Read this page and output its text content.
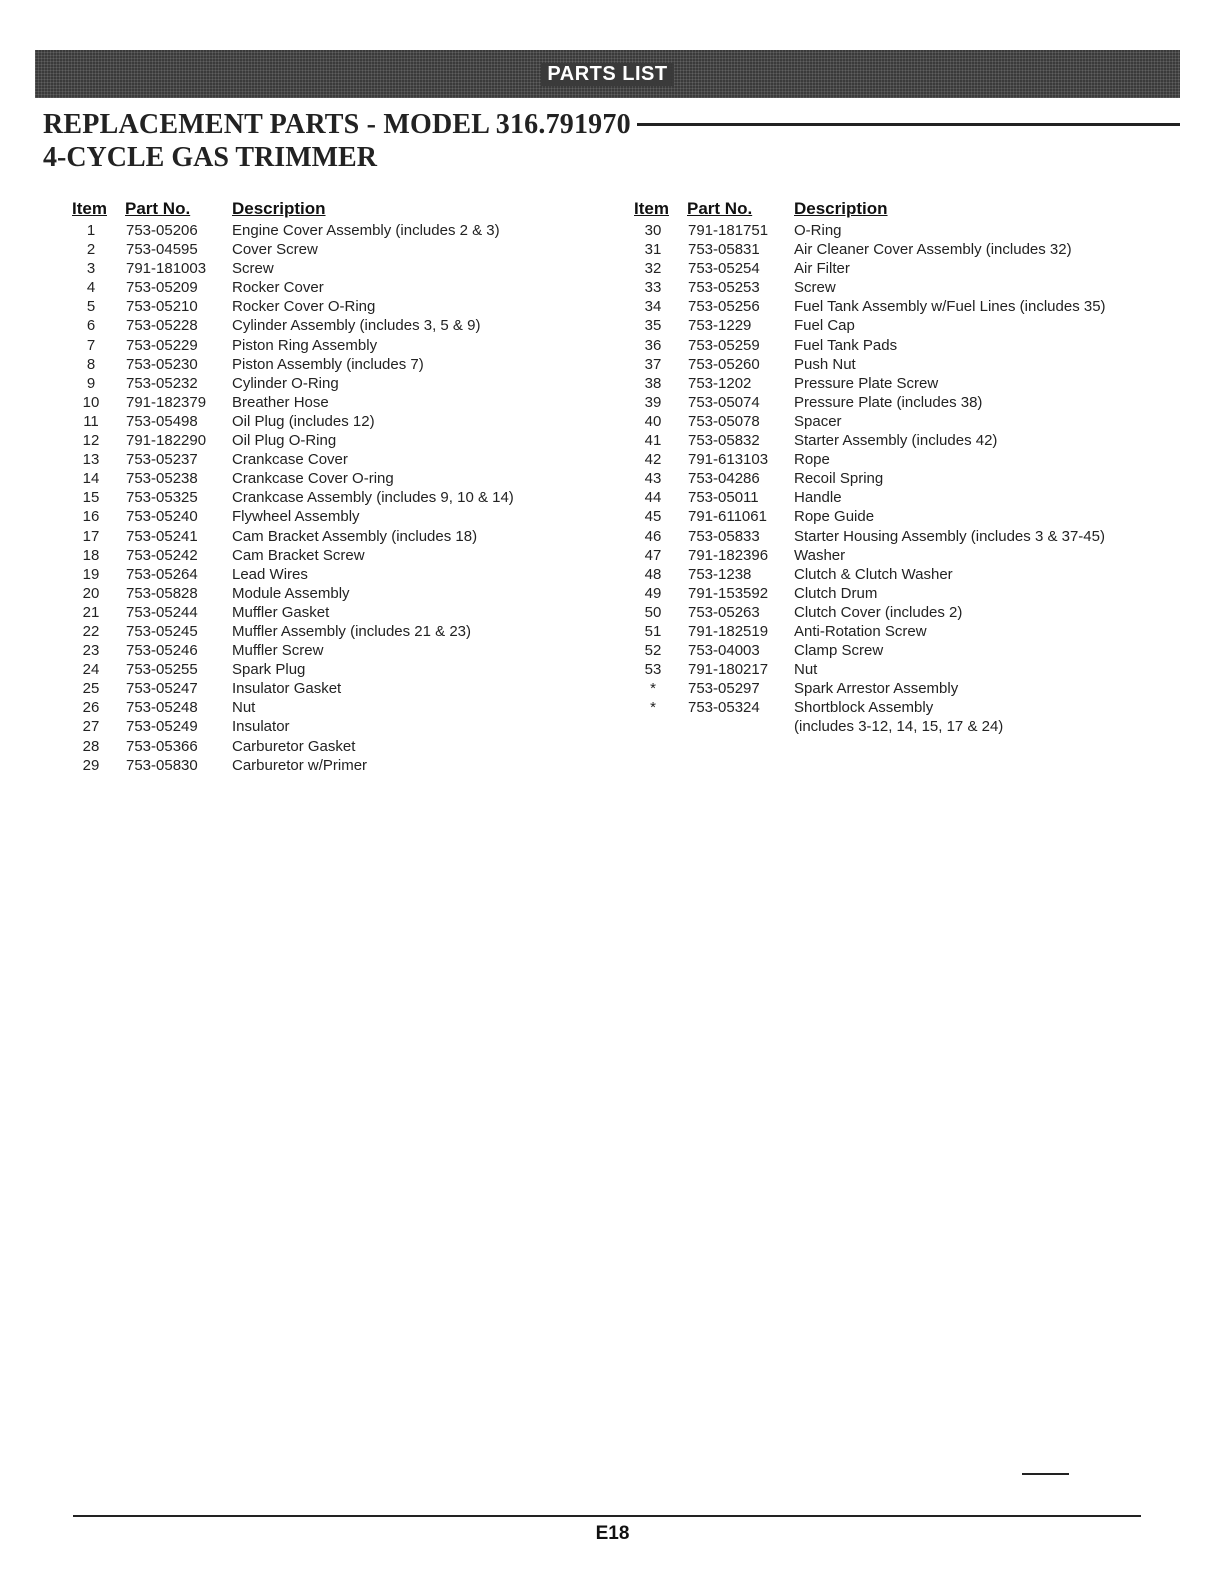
PARTS LIST
REPLACEMENT PARTS - MODEL 316.791970
4-CYCLE GAS TRIMMER
Item Part No. Description
1	753-05206 Engine Cover Assembly (includes 2 & 3)
2	753-04595 Cover Screw
3	791-181003 Screw
4	753-05209 Rocker Cover
5	753-05210 Rocker Cover O-Ring
6	753-05228 Cylinder Assembly (includes 3, 5 & 9)
7	753-05229 Piston Ring Assembly
8	753-05230 Piston Assembly (includes 7)
9	753-05232 Cylinder O-Ring
10	791-182379 Breather Hose
11	753-05498 Oil Plug (includes 12)
12	791-182290 Oil Plug O-Ring
13	753-05237 Crankcase Cover
14	753-05238 Crankcase Cover O-ring
15	753-05325 Crankcase Assembly (includes 9, 10 & 14)
16	753-05240 Flywheel Assembly
17	753-05241 Cam Bracket Assembly (includes 18)
18	753-05242 Cam Bracket Screw
19	753-05264 Lead Wires
20	753-05828 Module Assembly
21	753-05244 Muffler Gasket
22	753-05245 Muffler Assembly (includes 21 & 23)
23	753-05246 Muffler Screw
24	753-05255 Spark Plug
25	753-05247 Insulator Gasket
26	753-05248 Nut
27	753-05249 Insulator
28	753-05366 Carburetor Gasket
29	753-05830 Carburetor w/Primer
Item Part No. Description
30	791-181751 O-Ring
31	753-05831 Air Cleaner Cover Assembly (includes 32)
32	753-05254 Air Filter
33	753-05253 Screw
34	753-05256 Fuel Tank Assembly w/Fuel Lines (includes 35)
35	753-1229	Fuel Cap
36	753-05259 Fuel Tank Pads
37	753-05260 Push Nut
38	753-1202	Pressure Plate Screw
39	753-05074 Pressure Plate (includes 38)
40	753-05078 Spacer
41	753-05832 Starter Assembly (includes 42)
42	791-613103 Rope
43	753-04286 Recoil Spring
44	753-05011 Handle
45	791-611061 Rope Guide
46	753-05833 Starter Housing Assembly (includes 3 & 37-45)
47	791-182396 Washer
48	753-1238	Clutch & Clutch Washer
49	791-153592 Clutch Drum
50	753-05263 Clutch Cover (includes 2)
51	791-182519 Anti-Rotation Screw
52	753-04003 Clamp Screw
53	791-180217 Nut
*	753-05297 Spark Arrestor Assembly
*	753-05324 Shortblock Assembly
(includes 3-12, 14, 15, 17 & 24)
E18
